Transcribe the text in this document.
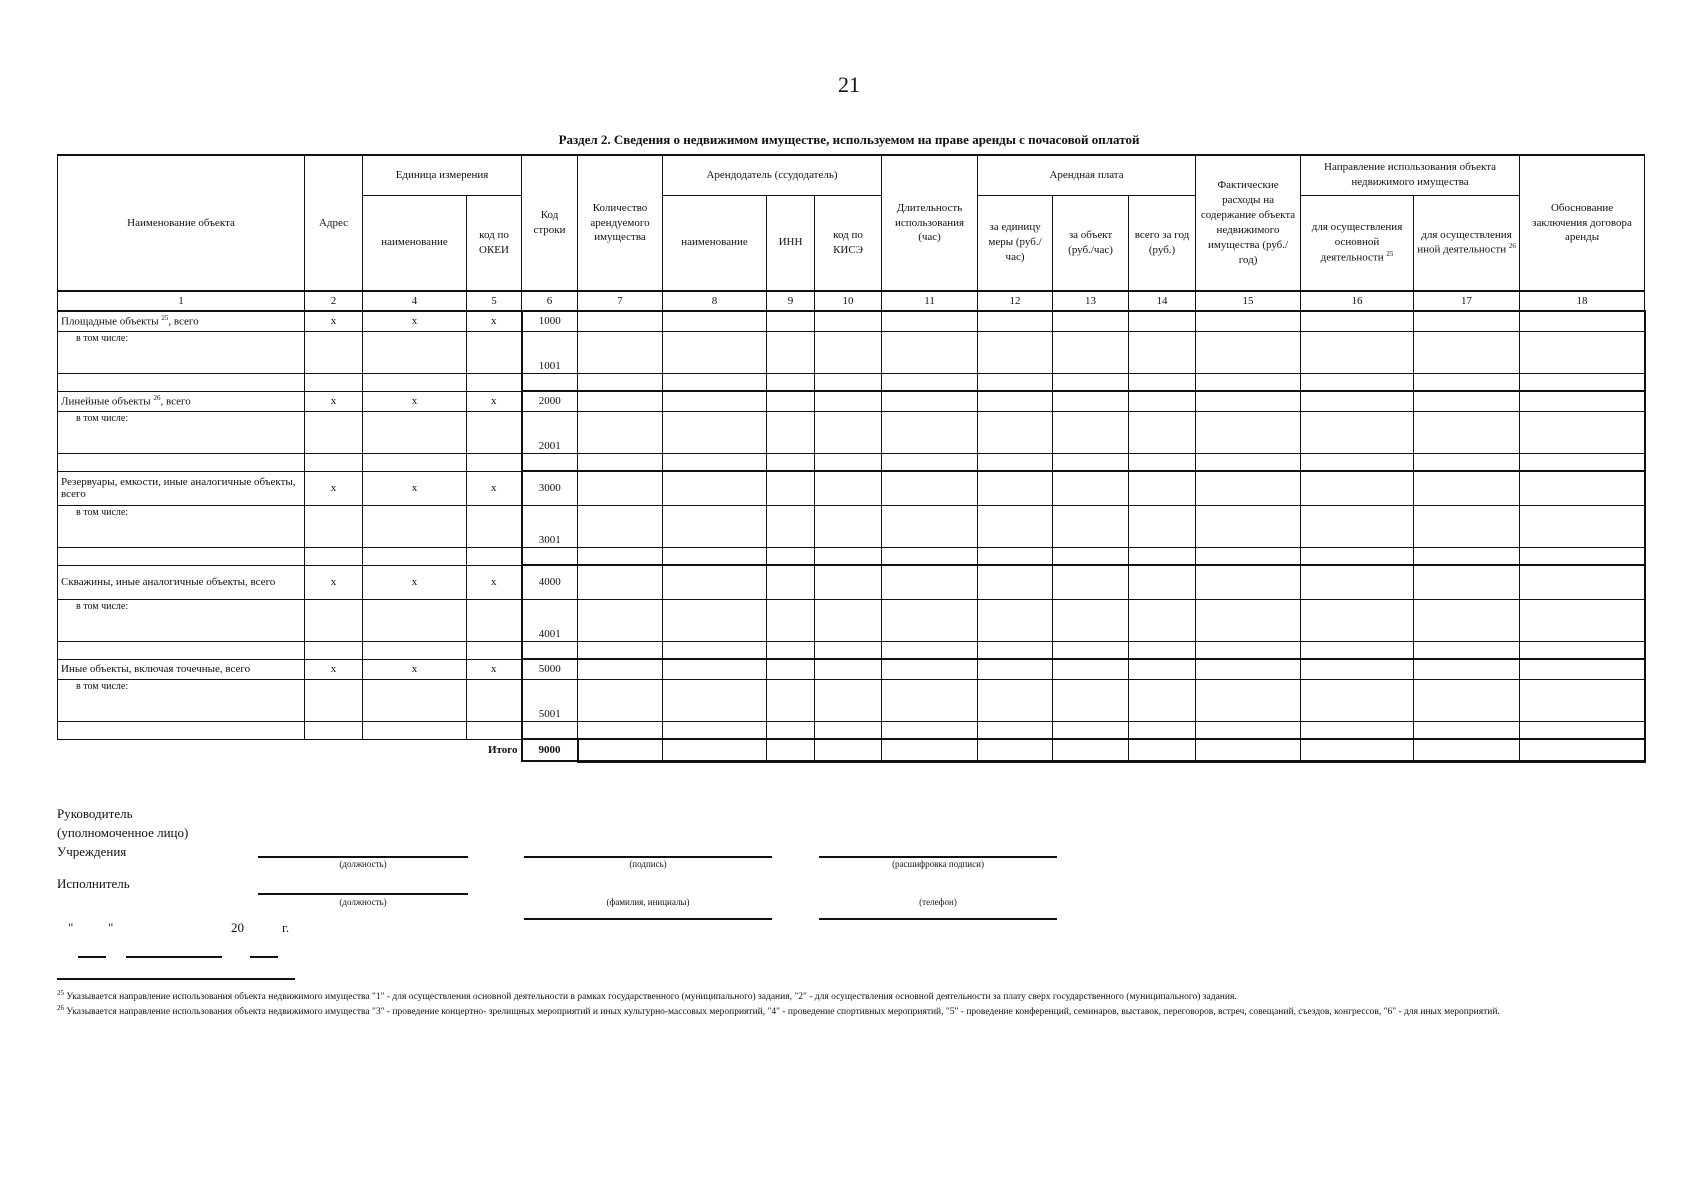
21
Раздел 2. Сведения о недвижимом имуществе, используемом на праве аренды с почасовой оплатой
Наименование объекта	Адрес	Единица измерения		Код строки	Количество арендуемого имущества	Арендодатель (ссудодатель)			Длительность использования (час)	Арендная плата			Фактические расходы на содержание объекта недвижимого имущества (руб./год)	Направление использования объекта недвижимого имущества		Обоснование заключения договора аренды	
		наименование	код по ОКЕИ			наименование	ИНН	код по КИСЭ		за единицу меры (руб./час)	за объект (руб./час)	всего за год (руб.)		для осуществления основной деятельности $^{25}$	для осуществления иной деятельности $^{26}$
1	2	4	5	6	7	8	9	10	11	12	13	14	15	16	17	18	
Площадные объекты $^{25}$, всего	x	x	x	1000													
в том числе:				1001													

Линейные объекты $^{26}$, всего	x	x	x	2000													
в том числе:				2001													

Резервуары, емкости, иные аналогичные объекты, всего	x	x	x	3000													
в том числе:				3001													

Скважины, иные аналогичные объекты, всего	x	x	x	4000													
в том числе:				4001													

Иные объекты, включая точечные, всего	x	x	x	5000													
в том числе:				5001													

Итого				9000													
Руководитель
(уполномоченное лицо)
Учреждения
(должность)	(подпись)	(расшифровка подписи)
Исполнитель
(должность)	(фамилия, инициалы)	(телефон)
"	"	20	г.
$^{25}$ Указывается направление использования объекта недвижимого имущества "1" - для осуществления основной деятельности в рамках государственного (муниципального) задания, "2" - для осуществления основной деятельности за плату сверх государственного (муниципального) задания.
$^{26}$ Указывается направление использования объекта недвижимого имущества "3" - проведение концертно- зрелищных мероприятий и иных культурно-массовых мероприятий, "4" - проведение спортивных мероприятий, "5" - проведение конференций, семинаров, выставок, переговоров, встреч, совещаний, съездов, конгрессов, "6" - для иных мероприятий.
